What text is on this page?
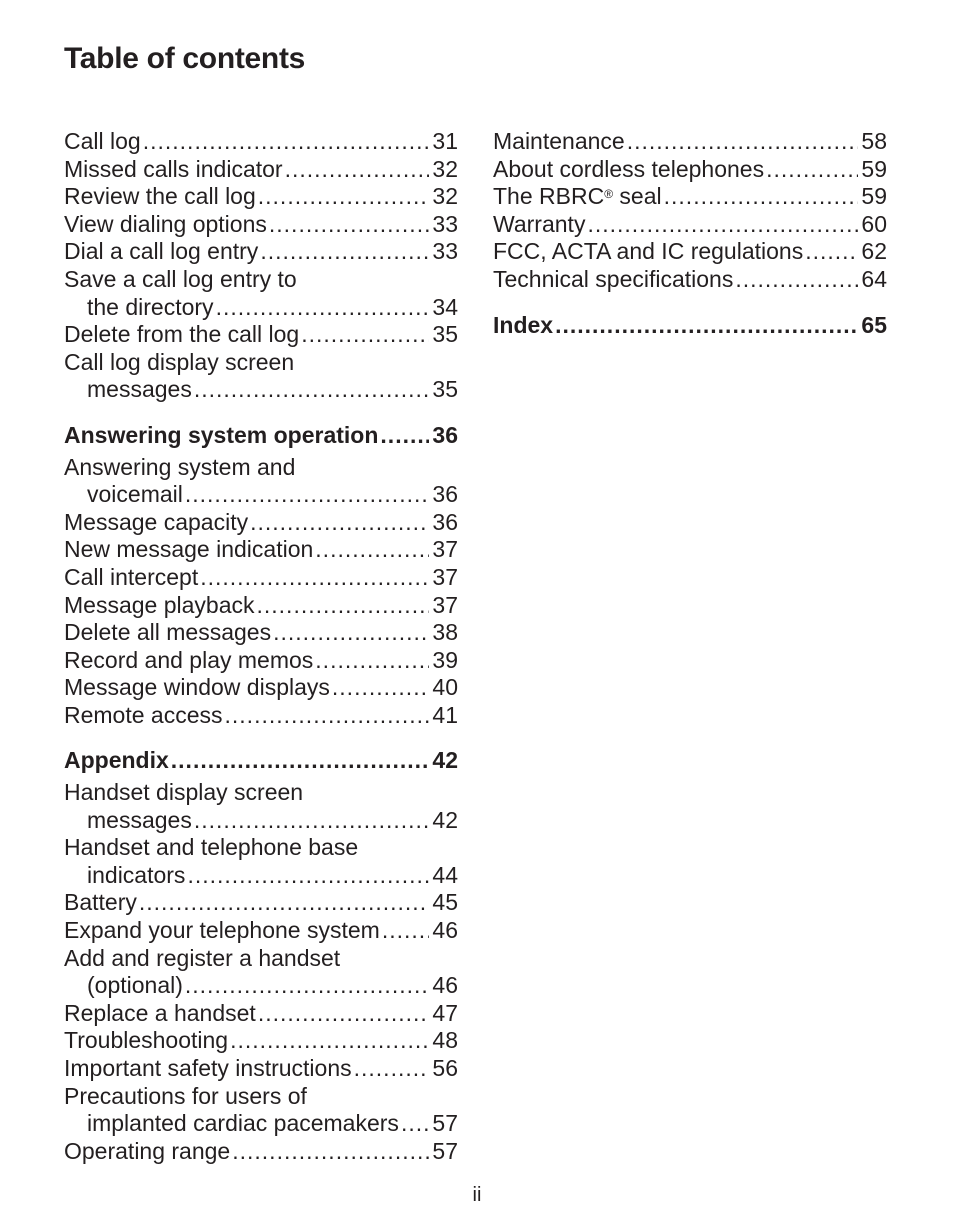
Table of contents
Call log .....	31
Missed calls indicator .....	32
Review the call log .....	32
View dialing options .....	33
Dial a call log entry .....	33
Save a call log entry to
the directory .....	34
Delete from the call log .....	35
Call log display screen
messages .....	35
Answering system operation ..... 36
Answering system and
voicemail .....	36
Message capacity .....	36
New message indication .....	37
Call intercept .....	37
Message playback .....	37
Delete all messages .....	38
Record and play memos .....	39
Message window displays .....	40
Remote access .....	41
Appendix .....	42
Handset display screen
messages .....	42
Handset and telephone base
indicators .....	44
Battery .....	45
Expand your telephone system ..... 46
Add and register a handset
(optional) .....	46
Replace a handset .....	47
Troubleshooting .....	48
Important safety instructions .....	56
Precautions for users of
implanted cardiac pacemakers ..... 57
Operating range .....	57
Maintenance .....	58
About cordless telephones .....	59
The RBRC® seal .....	59
Warranty .....	60
FCC, ACTA and IC regulations .....	62
Technical specifications .....	64
Index .....	65
ii
